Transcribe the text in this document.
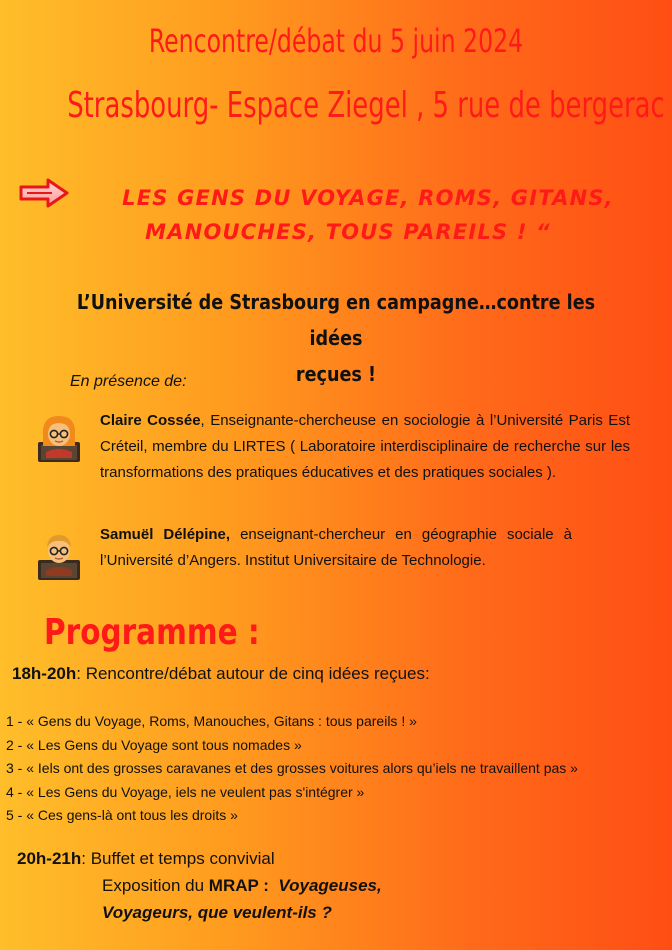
Rencontre/débat du 5 juin 2024
Strasbourg- Espace Ziegel , 5 rue de bergerac
LES GENS DU VOYAGE, ROMS, GITANS,
MANOUCHES, TOUS PAREILS ! “
L’Université de Strasbourg en campagne…contre les idées
reçues !
En présence de:
Claire Cossée, Enseignante-chercheuse en sociologie à l’Université Paris Est Créteil, membre du LIRTES ( Laboratoire interdisciplinaire de recherche sur les transformations des pratiques éducatives et des pratiques sociales ).
Samuël Délépine, enseignant-chercheur en géographie sociale à l’Université d’Angers. Institut Universitaire de Technologie.
Programme :
18h-20h: Rencontre/débat autour de cinq idées reçues:
1 - « Gens du Voyage, Roms, Manouches, Gitans : tous pareils ! »
2 - « Les Gens du Voyage sont tous nomades »
3 - « Iels ont des grosses caravanes et des grosses voitures alors qu’iels ne travaillent pas »
4 - « Les Gens du Voyage, iels ne veulent pas s'intégrer »
5 - « Ces gens-là ont tous les droits »
20h-21h: Buffet et temps convivial
Exposition du MRAP : Voyageuses,
Voyageurs, que veulent-ils ?
